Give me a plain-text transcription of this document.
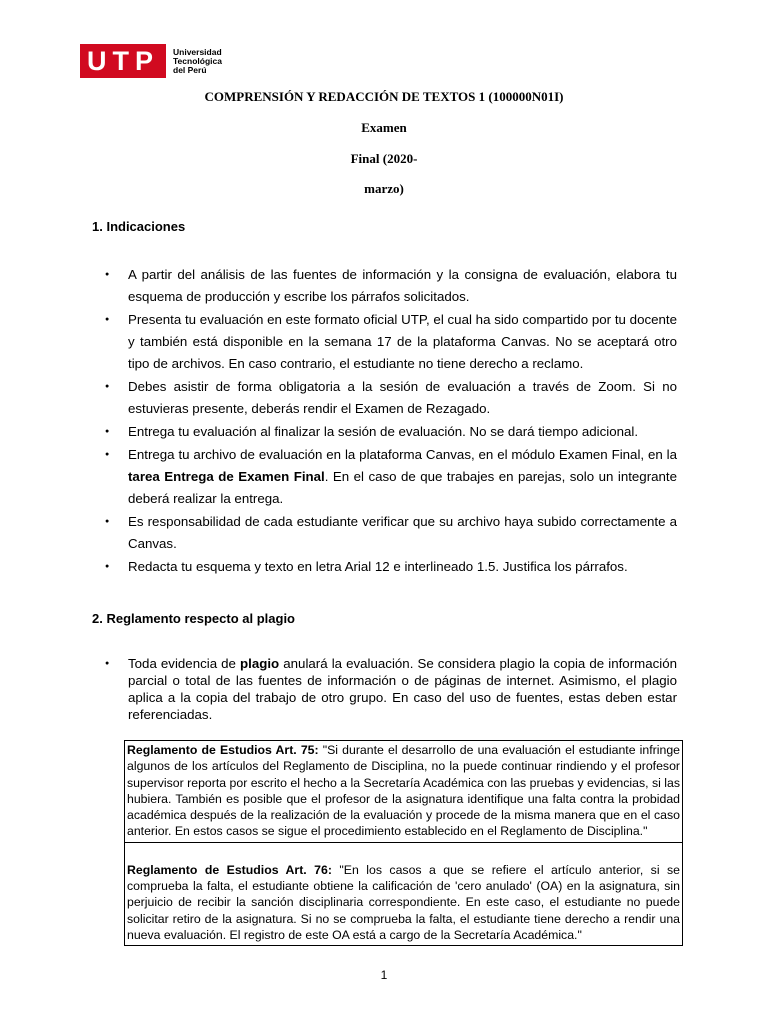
UTP	Universidad
Tecnológica
del Perú
COMPRENSIÓN Y REDACCIÓN DE TEXTOS 1 (100000N01I)
Examen
Final (2020-
marzo)
1. Indicaciones
● A partir del análisis de las fuentes de información y la consigna de evaluación, elabora tu esquema de producción y escribe los párrafos solicitados.
● Presenta tu evaluación en este formato oficial UTP, el cual ha sido compartido por tu docente y también está disponible en la semana 17 de la plataforma Canvas. No se aceptará otro tipo de archivos. En caso contrario, el estudiante no tiene derecho a reclamo.
● Debes asistir de forma obligatoria a la sesión de evaluación a través de Zoom. Si no estuvieras presente, deberás rendir el Examen de Rezagado.
● Entrega tu evaluación al finalizar la sesión de evaluación. No se dará tiempo adicional.
● Entrega tu archivo de evaluación en la plataforma Canvas, en el módulo Examen Final, en la tarea Entrega de Examen Final. En el caso de que trabajes en parejas, solo un integrante deberá realizar la entrega.
● Es responsabilidad de cada estudiante verificar que su archivo haya subido correctamente a Canvas.
● Redacta tu esquema y texto en letra Arial 12 e interlineado 1.5. Justifica los párrafos.
2. Reglamento respecto al plagio
● Toda evidencia de plagio anulará la evaluación. Se considera plagio la copia de información parcial o total de las fuentes de información o de páginas de internet. Asimismo, el plagio aplica a la copia del trabajo de otro grupo. En caso del uso de fuentes, estas deben estar referenciadas.
Reglamento de Estudios Art. 75: "Si durante el desarrollo de una evaluación el estudiante infringe algunos de los artículos del Reglamento de Disciplina, no la puede continuar rindiendo y el profesor supervisor reporta por escrito el hecho a la Secretaría Académica con las pruebas y evidencias, si las hubiera. También es posible que el profesor de la asignatura identifique una falta contra la probidad académica después de la realización de la evaluación y procede de la misma manera que en el caso anterior. En estos casos se sigue el procedimiento establecido en el Reglamento de Disciplina."
Reglamento de Estudios Art. 76: "En los casos a que se refiere el artículo anterior, si se comprueba la falta, el estudiante obtiene la calificación de 'cero anulado' (OA) en la asignatura, sin perjuicio de recibir la sanción disciplinaria correspondiente. En este caso, el estudiante no puede solicitar retiro de la asignatura. Si no se comprueba la falta, el estudiante tiene derecho a rendir una nueva evaluación. El registro de este OA está a cargo de la Secretaría Académica."
1
